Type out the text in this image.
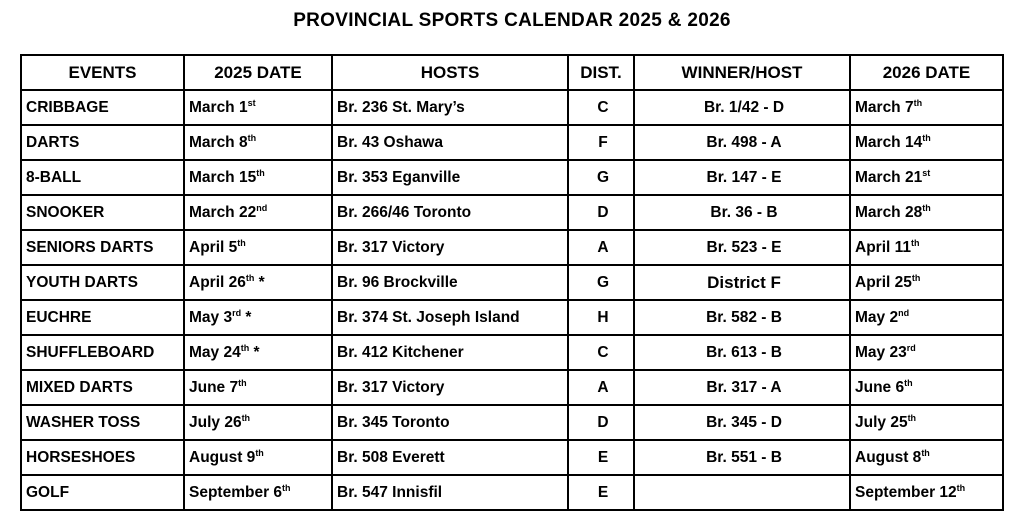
PROVINCIAL SPORTS CALENDAR 2025 & 2026
EVENTS	2025 DATE	HOSTS	DIST.	WINNER/HOST	2026 DATE
CRIBBAGE	March 1st	Br. 236 St. Mary’s	C	Br. 1/42 - D	March 7th
DARTS	March 8th	Br. 43 Oshawa	F	Br. 498 - A	March 14th
8-BALL	March 15th	Br. 353 Eganville	G	Br. 147 - E	March 21st
SNOOKER	March 22nd	Br. 266/46 Toronto	D	Br. 36 - B	March 28th
SENIORS DARTS	April 5th	Br. 317 Victory	A	Br. 523 - E	April 11th
YOUTH DARTS	April 26th *	Br. 96 Brockville	G	District F	April 25th
EUCHRE	May 3rd *	Br. 374 St. Joseph Island	H	Br. 582 - B	May 2nd
SHUFFLEBOARD	May 24th *	Br. 412 Kitchener	C	Br. 613 - B	May 23rd
MIXED DARTS	June 7th	Br. 317 Victory	A	Br. 317 - A	June 6th
WASHER TOSS	July 26th	Br. 345 Toronto	D	Br. 345 - D	July 25th
HORSESHOES	August 9th	Br. 508 Everett	E	Br. 551 - B	August 8th
GOLF	September 6th	Br. 547 Innisfil	E		September 12th
